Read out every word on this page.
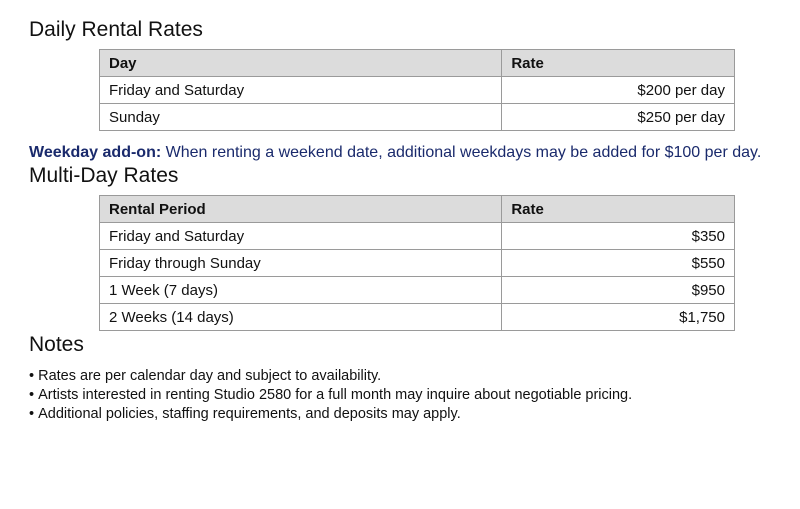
Daily Rental Rates
Day	Rate
Friday and Saturday	$200 per day
Sunday	$250 per day

Weekday add-on: When renting a weekend date, additional weekdays may be added for $100 per day.

Multi-Day Rates
Rental Period	Rate
Friday and Saturday	$350
Friday through Sunday	$550
1 Week (7 days)	$950
2 Weeks (14 days)	$1,750
Notes
• Rates are per calendar day and subject to availability.
• Artists interested in renting Studio 2580 for a full month may inquire about negotiable pricing.
• Additional policies, staffing requirements, and deposits may apply.
